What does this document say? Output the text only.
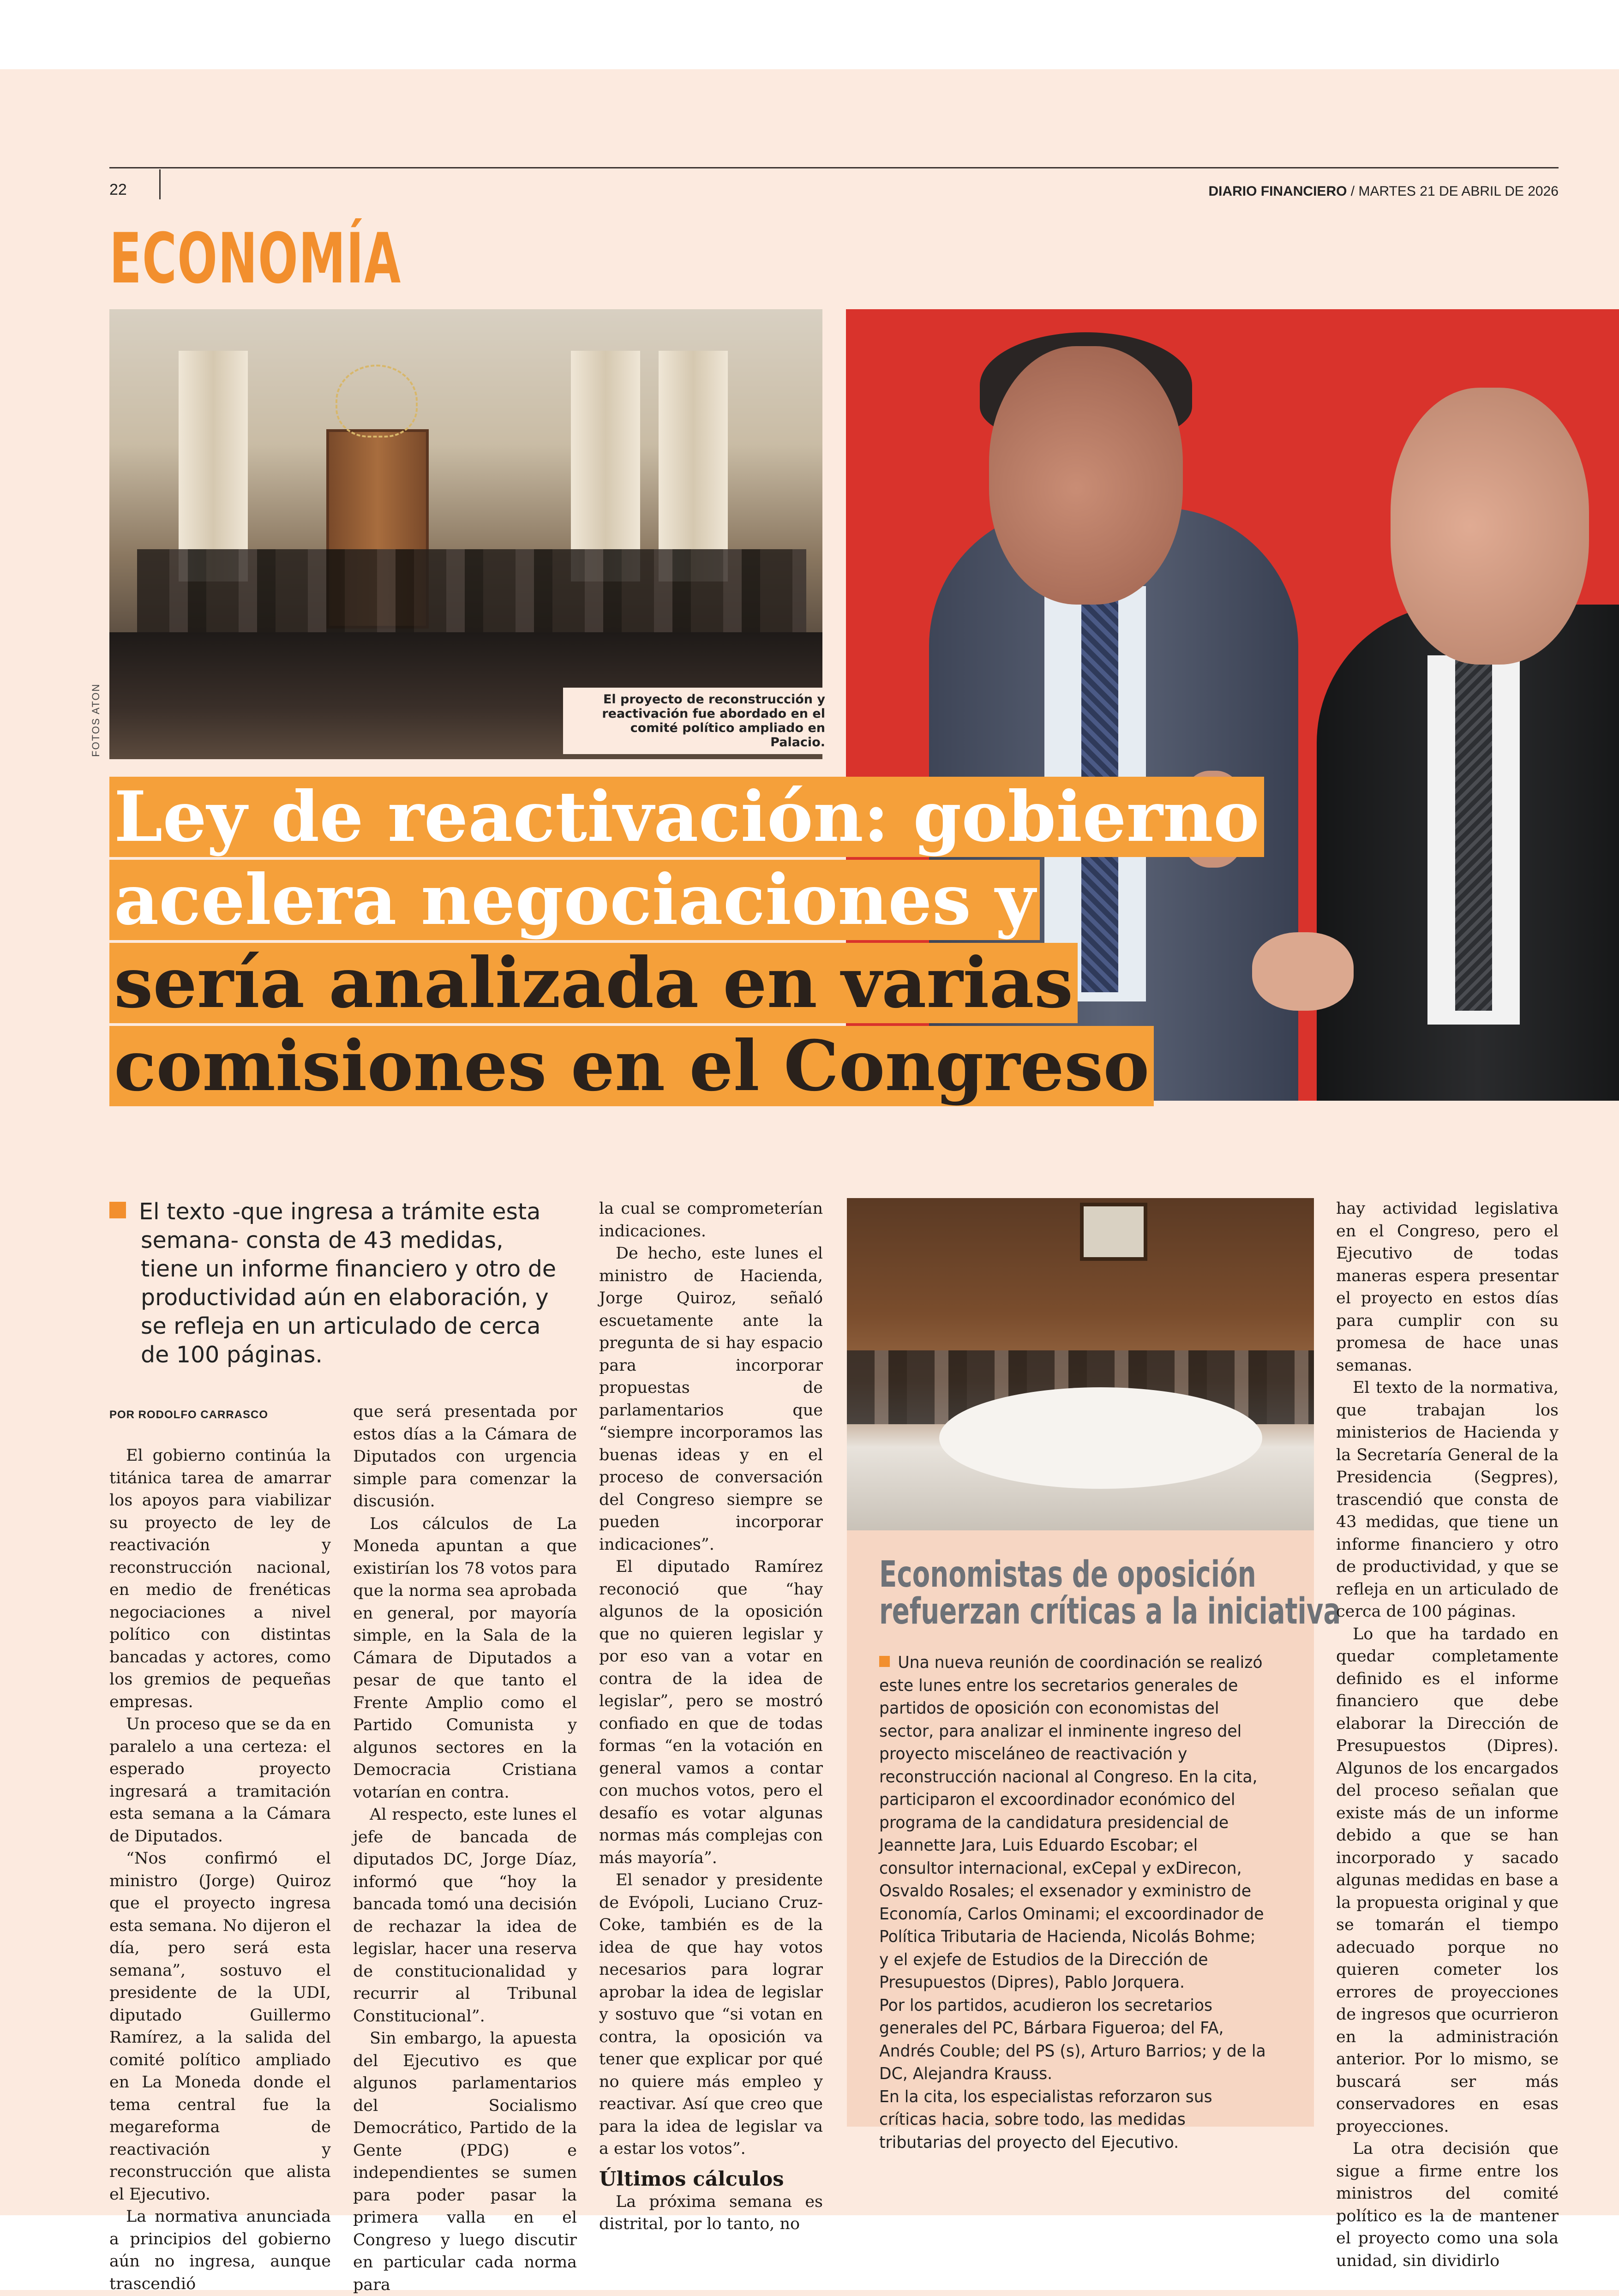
22	DIARIO FINANCIERO / MARTES 21 DE ABRIL DE 2026
ECONOMÍA
El proyecto de reconstrucción y reactivación fue abordado en el comité político ampliado en Palacio.
FOTOS ATON
Ley de reactivación: gobierno
acelera negociaciones y
sería analizada en varias
comisiones en el Congreso
El texto -que ingresa a trámite esta semana- consta de 43 medidas, tiene un informe financiero y otro de productividad aún en elaboración, y se refleja en un articulado de cerca de 100 páginas.
POR RODOLFO CARRASCO

El gobierno continúa la titánica tarea de amarrar los apoyos para viabilizar su proyecto de ley de reactivación y reconstrucción nacional, en medio de frenéticas negociaciones a nivel político con distintas bancadas y actores, como los gremios de pequeñas empresas.

Un proceso que se da en paralelo a una certeza: el esperado proyecto ingresará a tramitación esta semana a la Cámara de Diputados.

“Nos confirmó el ministro (Jorge) Quiroz que el proyecto ingresa esta semana. No dijeron el día, pero será esta semana”, sostuvo el presidente de la UDI, diputado Guillermo Ramírez, a la salida del comité político ampliado en La Moneda donde el tema central fue la megareforma de reactivación y reconstrucción que alista el Ejecutivo.

La normativa anunciada a principios del gobierno aún no ingresa, aunque trascendió

que será presentada por estos días a la Cámara de Diputados con urgencia simple para comenzar la discusión.

Los cálculos de La Moneda apuntan a que existirían los 78 votos para que la norma sea aprobada en general, por mayoría simple, en la Sala de la Cámara de Diputados a pesar de que tanto el Frente Amplio como el Partido Comunista y algunos sectores en la Democracia Cristiana votarían en contra.

Al respecto, este lunes el jefe de bancada de diputados DC, Jorge Díaz, informó que “hoy la bancada tomó una decisión de rechazar la idea de legislar, hacer una reserva de constitucionalidad y recurrir al Tribunal Constitucional”.

Sin embargo, la apuesta del Ejecutivo es que algunos parlamentarios del Socialismo Democrático, Partido de la Gente (PDG) e independientes se sumen para poder pasar la primera valla en el Congreso y luego discutir en particular cada norma para

la cual se comprometerían indicaciones.

De hecho, este lunes el ministro de Hacienda, Jorge Quiroz, señaló escuetamente ante la pregunta de si hay espacio para incorporar propuestas de parlamentarios que “siempre incorporamos las buenas ideas y en el proceso de conversación del Congreso siempre se pueden incorporar indicaciones”.

El diputado Ramírez reconoció que “hay algunos de la oposición que no quieren legislar y por eso van a votar en contra de la idea de legislar”, pero se mostró confiado en que de todas formas “en la votación en general vamos a contar con muchos votos, pero el desafío es votar algunas normas más complejas con más mayoría”.

El senador y presidente de Evópoli, Luciano Cruz-Coke, también es de la idea de que hay votos necesarios para lograr aprobar la idea de legislar y sostuvo que “si votan en contra, la oposición va tener que explicar por qué no quiere más empleo y reactivar. Así que creo que para la idea de legislar va a estar los votos”.

Últimos cálculos

La próxima semana es distrital, por lo tanto, no

Economistas de oposición
refuerzan críticas a la iniciativa

Una nueva reunión de coordinación se realizó este lunes entre los secretarios generales de partidos de oposición con economistas del sector, para analizar el inminente ingreso del proyecto misceláneo de reactivación y reconstrucción nacional al Congreso. En la cita, participaron el excoordinador económico del programa de la candidatura presidencial de Jeannette Jara, Luis Eduardo Escobar; el consultor internacional, exCepal y exDirecon, Osvaldo Rosales; el exsenador y exministro de Economía, Carlos Ominami; el excoordinador de Política Tributaria de Hacienda, Nicolás Bohme; y el exjefe de Estudios de la Dirección de Presupuestos (Dipres), Pablo Jorquera.

Por los partidos, acudieron los secretarios generales del PC, Bárbara Figueroa; del FA, Andrés Couble; del PS (s), Arturo Barrios; y de la DC, Alejandra Krauss.

En la cita, los especialistas reforzaron sus críticas hacia, sobre todo, las medidas tributarias del proyecto del Ejecutivo.

hay actividad legislativa en el Congreso, pero el Ejecutivo de todas maneras espera presentar el proyecto en estos días para cumplir con su promesa de hace unas semanas.

El texto de la normativa, que trabajan los ministerios de Hacienda y la Secretaría General de la Presidencia (Segpres), trascendió que consta de 43 medidas, que tiene un informe financiero y otro de productividad, y que se refleja en un articulado de cerca de 100 páginas.

Lo que ha tardado en quedar completamente definido es el informe financiero que debe elaborar la Dirección de Presupuestos (Dipres). Algunos de los encargados del proceso señalan que existe más de un informe debido a que se han incorporado y sacado algunas medidas en base a la propuesta original y que se tomarán el tiempo adecuado porque no quieren cometer los errores de proyecciones de ingresos que ocurrieron en la administración anterior. Por lo mismo, se buscará ser más conservadores en esas proyecciones.

La otra decisión que sigue a firme entre los ministros del comité político es la de mantener el proyecto como una sola unidad, sin dividirlo
